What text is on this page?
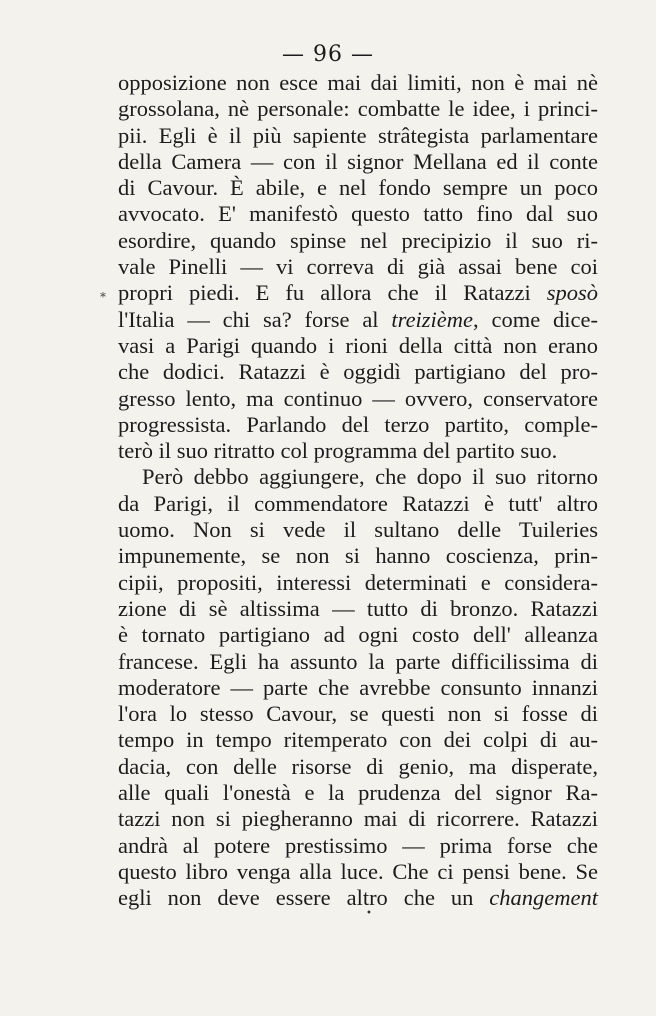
— 96 —
opposizione non esce mai dai limiti, non è mai nè
grossolana, nè personale: combatte le idee, i princi-
pii. Egli è il più sapiente strâtegista parlamentare
della Camera — con il signor Mellana ed il conte
di Cavour. È abile, e nel fondo sempre un poco
avvocato. E' manifestò questo tatto fino dal suo
esordire, quando spinse nel precipizio il suo ri-
vale Pinelli — vi correva di già assai bene coi
propri piedi. E fu allora che il Ratazzi sposò
l'Italia — chi sa? forse al treizième, come dice-
vasi a Parigi quando i rioni della città non erano
che dodici. Ratazzi è oggidì partigiano del pro-
gresso lento, ma continuo — ovvero, conservatore
progressista. Parlando del terzo partito, comple-
terò il suo ritratto col programma del partito suo.
Però debbo aggiungere, che dopo il suo ritorno
da Parigi, il commendatore Ratazzi è tutt' altro
uomo. Non si vede il sultano delle Tuileries
impunemente, se non si hanno coscienza, prin-
cipii, propositi, interessi determinati e considera-
zione di sè altissima — tutto di bronzo. Ratazzi
è tornato partigiano ad ogni costo dell' alleanza
francese. Egli ha assunto la parte difficilissima di
moderatore — parte che avrebbe consunto innanzi
l'ora lo stesso Cavour, se questi non si fosse di
tempo in tempo ritemperato con dei colpi di au-
dacia, con delle risorse di genio, ma disperate,
alle quali l'onestà e la prudenza del signor Ra-
tazzi non si piegheranno mai di ricorrere. Ratazzi
andrà al potere prestissimo — prima forse che
questo libro venga alla luce. Che ci pensi bene. Se
egli non deve essere altro che un changement
*
•
